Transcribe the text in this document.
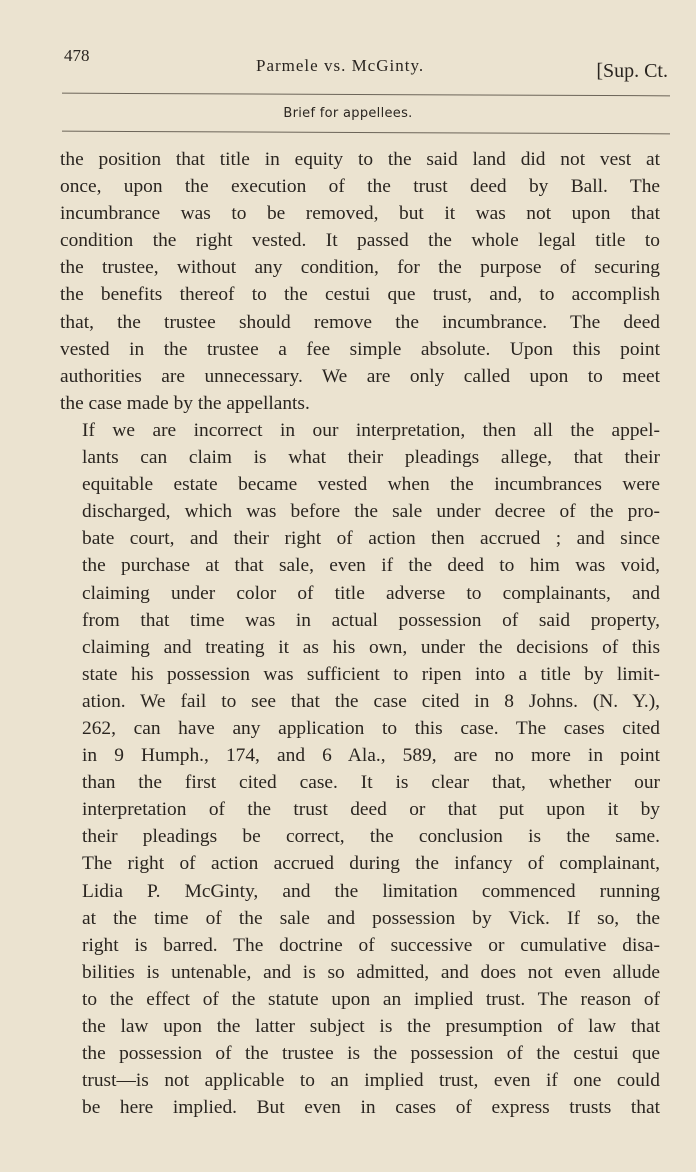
478
Parmele vs. McGinty.	[Sup. Ct.
Brief for appellees.

the position that title in equity to the said land did not vest at
once, upon the execution of the trust deed by Ball. The
incumbrance was to be removed, but it was not upon that
condition the right vested. It passed the whole legal title to
the trustee, without any condition, for the purpose of securing
the benefits thereof to the cestui que trust, and, to accomplish
that, the trustee should remove the incumbrance. The deed
vested in the trustee a fee simple absolute. Upon this point
authorities are unnecessary. We are only called upon to meet
the case made by the appellants.

If we are incorrect in our interpretation, then all the appel-
lants can claim is what their pleadings allege, that their
equitable estate became vested when the incumbrances were
discharged, which was before the sale under decree of the pro-
bate court, and their right of action then accrued ; and since
the purchase at that sale, even if the deed to him was void,
claiming under color of title adverse to complainants, and
from that time was in actual possession of said property,
claiming and treating it as his own, under the decisions of this
state his possession was sufficient to ripen into a title by limit-
ation. We fail to see that the case cited in 8 Johns. (N. Y.),
262, can have any application to this case. The cases cited
in 9 Humph., 174, and 6 Ala., 589, are no more in point
than the first cited case. It is clear that, whether our
interpretation of the trust deed or that put upon it by
their pleadings be correct, the conclusion is the same.
The right of action accrued during the infancy of complainant,
Lidia P. McGinty, and the limitation commenced running
at the time of the sale and possession by Vick. If so, the
right is barred. The doctrine of successive or cumulative disa-
bilities is untenable, and is so admitted, and does not even allude
to the effect of the statute upon an implied trust. The reason of
the law upon the latter subject is the presumption of law that
the possession of the trustee is the possession of the cestui que
trust—is not applicable to an implied trust, even if one could
be here implied. But even in cases of express trusts that
